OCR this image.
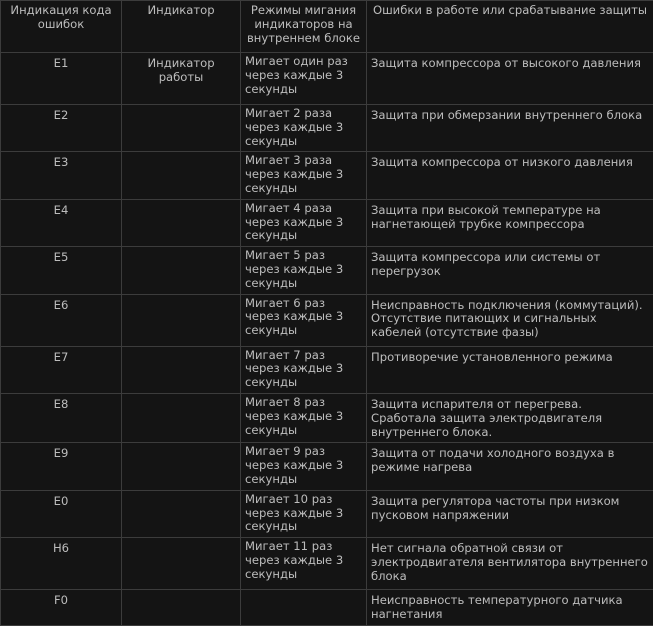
Индикация кода ошибок	Индикатор	Режимы мигания индикаторов на внутреннем блоке	Ошибки в работе или срабатывание защиты
E1	Индикатор работы	Мигает один раз через каждые 3 секунды	Защита компрессора от высокого давления
E2		Мигает 2 раза через каждые 3 секунды	Защита при обмерзании внутреннего блока
E3		Мигает 3 раза через каждые 3 секунды	Защита компрессора от низкого давления
E4		Мигает 4 раза через каждые 3 секунды	Защита при высокой температуре на нагнетающей трубке компрессора
E5		Мигает 5 раз через каждые 3 секунды	Защита компрессора или системы от перегрузок
E6		Мигает 6 раз через каждые 3 секунды	Неисправность подключения (коммутаций). Отсутствие питающих и сигнальных кабелей (отсутствие фазы)
E7		Мигает 7 раз через каждые 3 секунды	Противоречие установленного режима
E8		Мигает 8 раз через каждые 3 секунды	Защита испарителя от перегрева. Сработала защита электродвигателя внутреннего блока.
E9		Мигает 9 раз через каждые 3 секунды	Защита от подачи холодного воздуха в режиме нагрева
E0		Мигает 10 раз через каждые 3 секунды	Защита регулятора частоты при низком пусковом напряжении
H6		Мигает 11 раз через каждые 3 секунды	Нет сигнала обратной связи от электродвигателя вентилятора внутреннего блока
F0			Неисправность температурного датчика нагнетания
